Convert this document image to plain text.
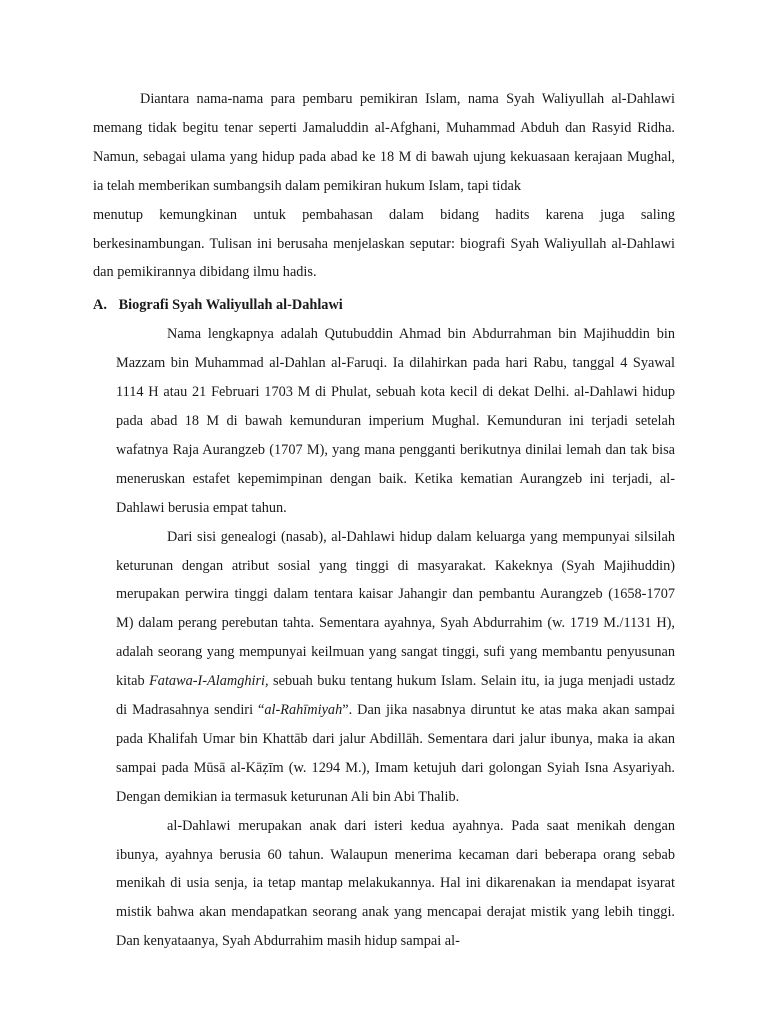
Diantara nama-nama para pembaru pemikiran Islam, nama Syah Waliyullah al-Dahlawi memang tidak begitu tenar seperti Jamaluddin al-Afghani, Muhammad Abduh dan Rasyid Ridha. Namun, sebagai ulama yang hidup pada abad ke 18 M di bawah ujung kekuasaan kerajaan Mughal, ia telah memberikan sumbangsih dalam pemikiran hukum Islam, tapi tidak

menutup kemungkinan untuk pembahasan dalam bidang hadits karena juga saling berkesinambungan. Tulisan ini berusaha menjelaskan seputar: biografi Syah Waliyullah al-Dahlawi dan pemikirannya dibidang ilmu hadis.

A. Biografi Syah Waliyullah al-Dahlawi

Nama lengkapnya adalah Qutubuddin Ahmad bin Abdurrahman bin Majihuddin bin Mazzam bin Muhammad al-Dahlan al-Faruqi. Ia dilahirkan pada hari Rabu, tanggal 4 Syawal 1114 H atau 21 Februari 1703 M di Phulat, sebuah kota kecil di dekat Delhi. al-Dahlawi hidup pada abad 18 M di bawah kemunduran imperium Mughal. Kemunduran ini terjadi setelah wafatnya Raja Aurangzeb (1707 M), yang mana pengganti berikutnya dinilai lemah dan tak bisa meneruskan estafet kepemimpinan dengan baik. Ketika kematian Aurangzeb ini terjadi, al-Dahlawi berusia empat tahun.

Dari sisi genealogi (nasab), al-Dahlawi hidup dalam keluarga yang mempunyai silsilah keturunan dengan atribut sosial yang tinggi di masyarakat. Kakeknya (Syah Majihuddin) merupakan perwira tinggi dalam tentara kaisar Jahangir dan pembantu Aurangzeb (1658-1707 M) dalam perang perebutan tahta. Sementara ayahnya, Syah Abdurrahim (w. 1719 M./1131 H), adalah seorang yang mempunyai keilmuan yang sangat tinggi, sufi yang membantu penyusunan kitab Fatawa-I-Alamghiri, sebuah buku tentang hukum Islam. Selain itu, ia juga menjadi ustadz di Madrasahnya sendiri “al-Rahīmiyah”. Dan jika nasabnya diruntut ke atas maka akan sampai pada Khalifah Umar bin Khattāb dari jalur Abdillāh. Sementara dari jalur ibunya, maka ia akan sampai pada Mūsā al-Kāẓīm (w. 1294 M.), Imam ketujuh dari golongan Syiah Isna Asyariyah. Dengan demikian ia termasuk keturunan Ali bin Abi Thalib.

al-Dahlawi merupakan anak dari isteri kedua ayahnya. Pada saat menikah dengan ibunya, ayahnya berusia 60 tahun. Walaupun menerima kecaman dari beberapa orang sebab menikah di usia senja, ia tetap mantap melakukannya. Hal ini dikarenakan ia mendapat isyarat mistik bahwa akan mendapatkan seorang anak yang mencapai derajat mistik yang lebih tinggi. Dan kenyataanya, Syah Abdurrahim masih hidup sampai al-
